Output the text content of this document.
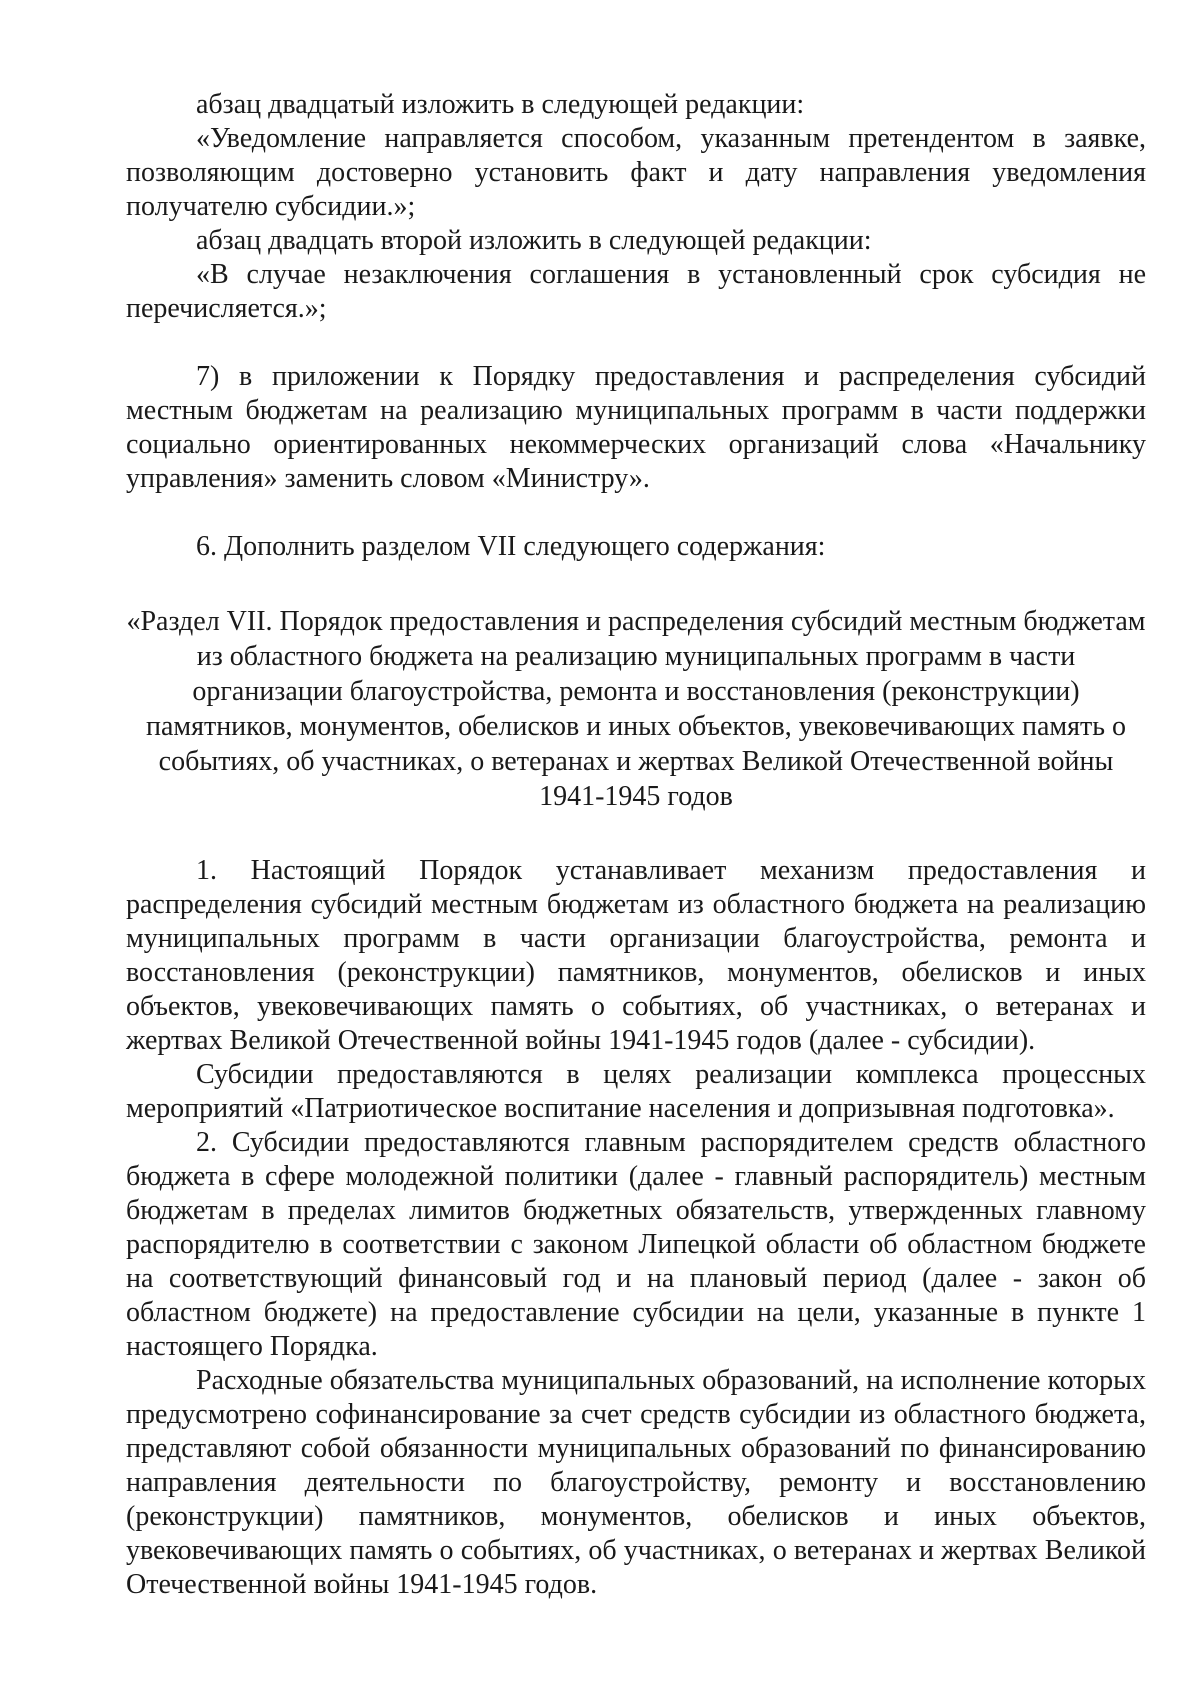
абзац двадцатый изложить в следующей редакции:

«Уведомление направляется способом, указанным претендентом в заявке, позволяющим достоверно установить факт и дату направления уведомления получателю субсидии.»;

абзац двадцать второй изложить в следующей редакции:

«В случае незаключения соглашения в установленный срок субсидия не перечисляется.»;

7) в приложении к Порядку предоставления и распределения субсидий местным бюджетам на реализацию муниципальных программ в части поддержки социально ориентированных некоммерческих организаций слова «Начальнику управления» заменить словом «Министру».

6. Дополнить разделом VII следующего содержания:

«Раздел VII. Порядок предоставления и распределения субсидий местным бюджетам из областного бюджета на реализацию муниципальных программ в части организации благоустройства, ремонта и восстановления (реконструкции) памятников, монументов, обелисков и иных объектов, увековечивающих память о событиях, об участниках, о ветеранах и жертвах Великой Отечественной войны 1941-1945 годов

1. Настоящий Порядок устанавливает механизм предоставления и распределения субсидий местным бюджетам из областного бюджета на реализацию муниципальных программ в части организации благоустройства, ремонта и восстановления (реконструкции) памятников, монументов, обелисков и иных объектов, увековечивающих память о событиях, об участниках, о ветеранах и жертвах Великой Отечественной войны 1941-1945 годов (далее - субсидии).

Субсидии предоставляются в целях реализации комплекса процессных мероприятий «Патриотическое воспитание населения и допризывная подготовка».

2. Субсидии предоставляются главным распорядителем средств областного бюджета в сфере молодежной политики (далее - главный распорядитель) местным бюджетам в пределах лимитов бюджетных обязательств, утвержденных главному распорядителю в соответствии с законом Липецкой области об областном бюджете на соответствующий финансовый год и на плановый период (далее - закон об областном бюджете) на предоставление субсидии на цели, указанные в пункте 1 настоящего Порядка.

Расходные обязательства муниципальных образований, на исполнение которых предусмотрено софинансирование за счет средств субсидии из областного бюджета, представляют собой обязанности муниципальных образований по финансированию направления деятельности по благоустройству, ремонту и восстановлению (реконструкции) памятников, монументов, обелисков и иных объектов, увековечивающих память о событиях, об участниках, о ветеранах и жертвах Великой Отечественной войны 1941-1945 годов.
